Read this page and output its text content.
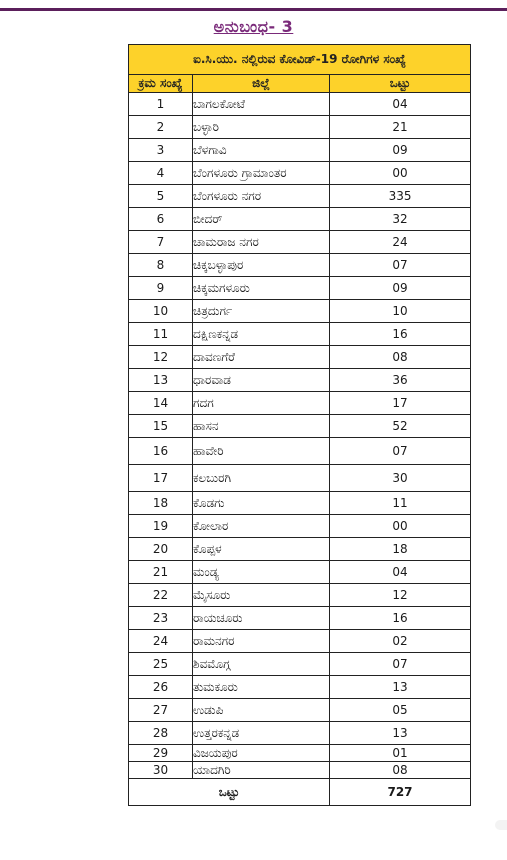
ಅನುಬಂಧ- 3
ಐ.ಸಿ.ಯು. ನಲ್ಲಿರುವ ಕೋವಿಡ್-19 ರೋಗಿಗಳ ಸಂಖ್ಯೆ		
ಕ್ರಮ ಸಂಖ್ಯೆ	ಜಿಲ್ಲೆ	ಒಟ್ಟು
1	ಬಾಗಲಕೋಟೆ	04
2	ಬಳ್ಳಾರಿ	21
3	ಬೆಳಗಾವಿ	09
4	ಬೆಂಗಳೂರು ಗ್ರಾಮಾಂತರ	00
5	ಬೆಂಗಳೂರು ನಗರ	335
6	ಬೀದರ್	32
7	ಚಾಮರಾಜ ನಗರ	24
8	ಚಿಕ್ಕಬಳ್ಳಾಪುರ	07
9	ಚಿಕ್ಕಮಗಳೂರು	09
10	ಚಿತ್ರದುರ್ಗ	10
11	ದಕ್ಷಿಣಕನ್ನಡ	16
12	ದಾವಣಗೆರೆ	08
13	ಧಾರವಾಡ	36
14	ಗದಗ	17
15	ಹಾಸನ	52
16	ಹಾವೇರಿ	07
17	ಕಲಬುರಗಿ	30
18	ಕೊಡಗು	11
19	ಕೋಲಾರ	00
20	ಕೊಪ್ಪಳ	18
21	ಮಂಡ್ಯ	04
22	ಮೈಸೂರು	12
23	ರಾಯಚೂರು	16
24	ರಾಮನಗರ	02
25	ಶಿವಮೊಗ್ಗ	07
26	ತುಮಕೂರು	13
27	ಉಡುಪಿ	05
28	ಉತ್ತರಕನ್ನಡ	13
29	ವಿಜಯಪುರ	01
30	ಯಾದಗಿರಿ	08
ಒಟ್ಟು		727
